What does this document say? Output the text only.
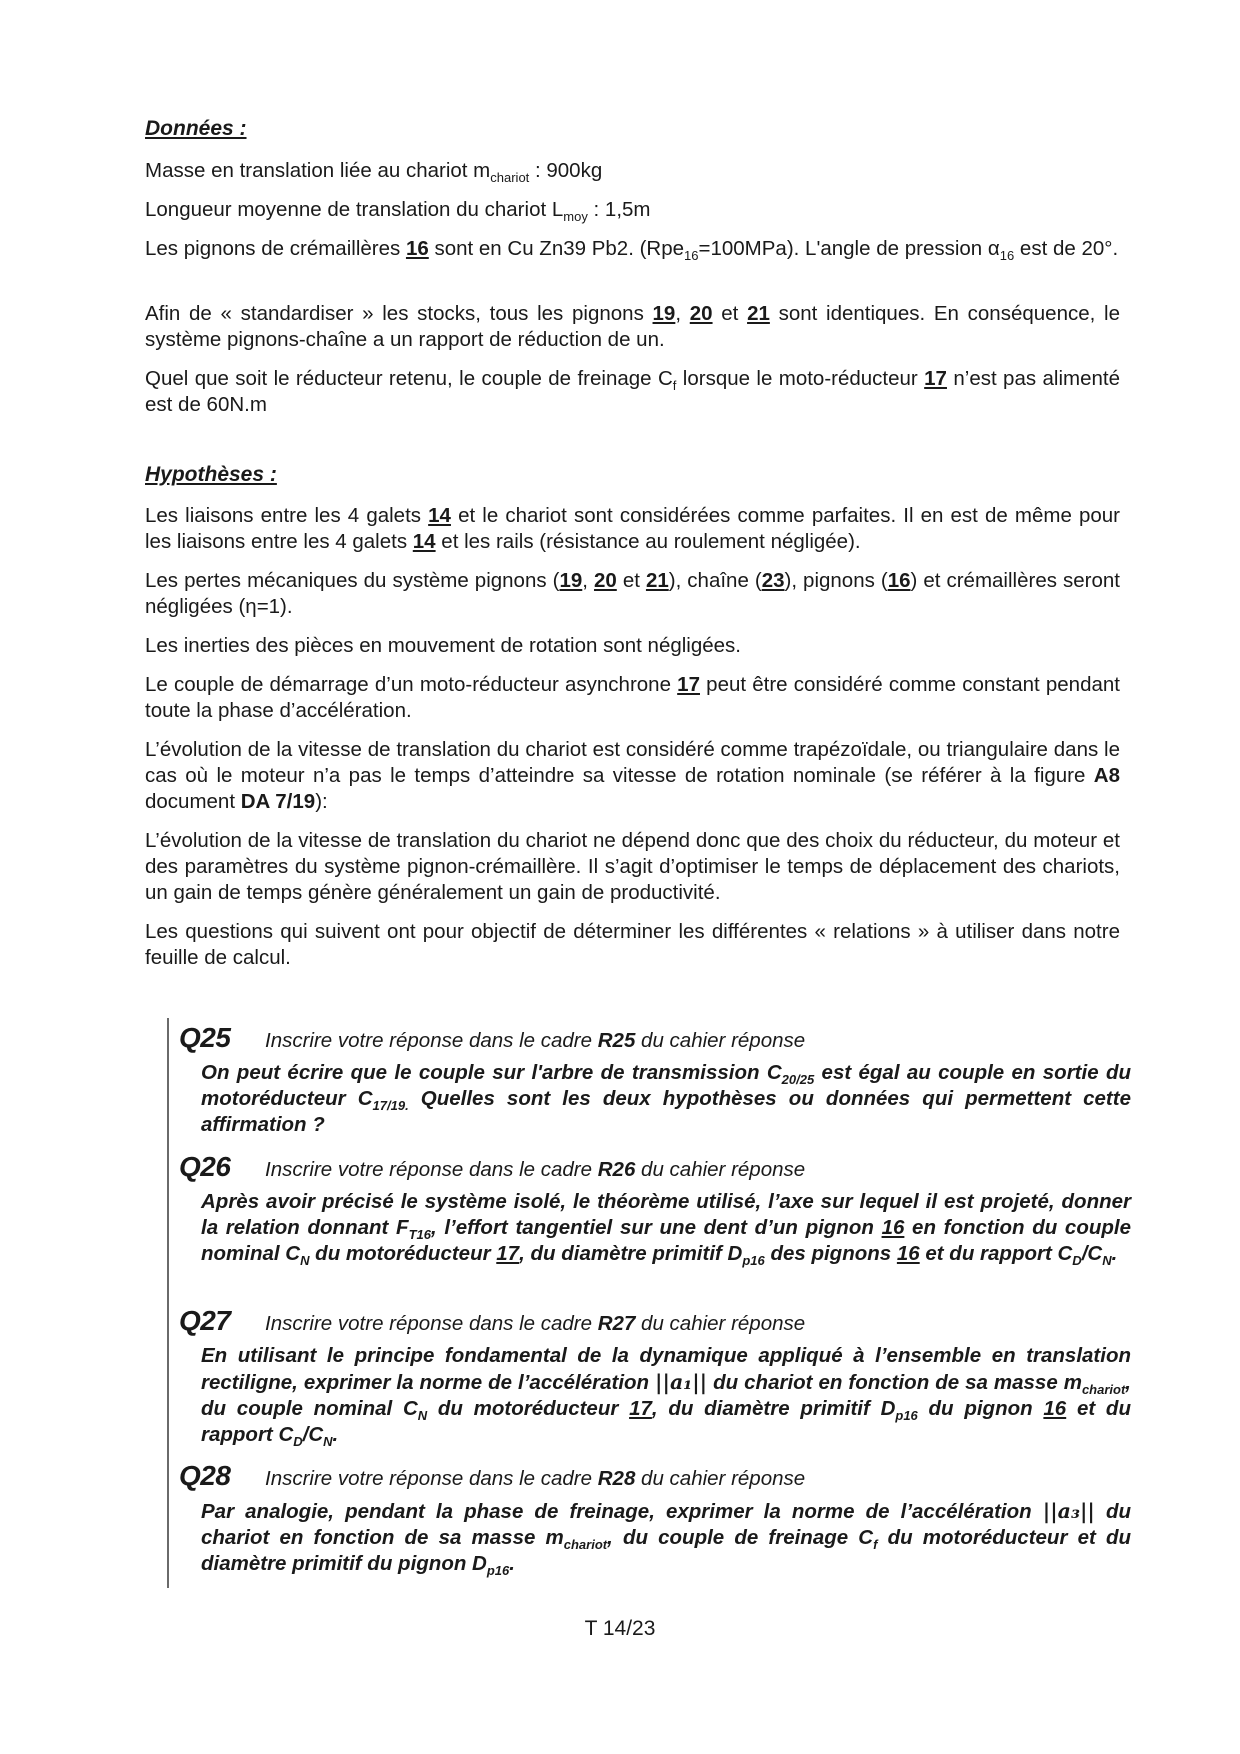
Données :

Masse en translation liée au chariot $m_{chariot}$ : 900kg

Longueur moyenne de translation du chariot $L_{moy}$ : 1,5m

Les pignons de crémaillères 16 sont en Cu Zn39 Pb2. (Rpe$_{16}$=100MPa). L'angle de pression $\alpha_{16}$ est de 20°.

Afin de « standardiser » les stocks, tous les pignons 19, 20 et 21 sont identiques. En conséquence, le système pignons-chaîne a un rapport de réduction de un.

Quel que soit le réducteur retenu, le couple de freinage $C_f$ lorsque le moto-réducteur 17 n’est pas alimenté est de 60N.m

Hypothèses :

Les liaisons entre les 4 galets 14 et le chariot sont considérées comme parfaites. Il en est de même pour les liaisons entre les 4 galets 14 et les rails (résistance au roulement négligée).

Les pertes mécaniques du système pignons (19, 20 et 21), chaîne (23), pignons (16) et crémaillères seront négligées (η=1).

Les inerties des pièces en mouvement de rotation sont négligées.

Le couple de démarrage d’un moto-réducteur asynchrone 17 peut être considéré comme constant pendant toute la phase d’accélération.

L’évolution de la vitesse de translation du chariot est considéré comme trapézoïdale, ou triangulaire dans le cas où le moteur n’a pas le temps d’atteindre sa vitesse de rotation nominale (se référer à la figure A8 document DA 7/19):

L’évolution de la vitesse de translation du chariot ne dépend donc que des choix du réducteur, du moteur et des paramètres du système pignon-crémaillère. Il s’agit d’optimiser le temps de déplacement des chariots, un gain de temps génère généralement un gain de productivité.

Les questions qui suivent ont pour objectif de déterminer les différentes « relations » à utiliser dans notre feuille de calcul.

Q25	Inscrire votre réponse dans le cadre R25 du cahier réponse
On peut écrire que le couple sur l'arbre de transmission $C_{20/25}$ est égal au couple en sortie du motoréducteur $C_{17/19.}$ Quelles sont les deux hypothèses ou données qui permettent cette affirmation ?
Q26	Inscrire votre réponse dans le cadre R26 du cahier réponse
Après avoir précisé le système isolé, le théorème utilisé, l’axe sur lequel il est projeté, donner la relation donnant $F_{T16}$, l’effort tangentiel sur une dent d’un pignon 16 en fonction du couple nominal $C_N$ du motoréducteur 17, du diamètre primitif $D_{p16}$ des pignons 16 et du rapport $C_D/C_N$.
Q27	Inscrire votre réponse dans le cadre R27 du cahier réponse
En utilisant le principe fondamental de la dynamique appliqué à l’ensemble en translation rectiligne, exprimer la norme de l’accélération ||a₁|| du chariot en fonction de sa masse $m_{chariot}$, du couple nominal $C_N$ du motoréducteur 17, du diamètre primitif $D_{p16}$ du pignon 16 et du rapport $C_D/C_N$.
Q28	Inscrire votre réponse dans le cadre R28 du cahier réponse
Par analogie, pendant la phase de freinage, exprimer la norme de l’accélération ||a₃|| du chariot en fonction de sa masse $m_{chariot}$, du couple de freinage $C_f$ du motoréducteur et du diamètre primitif du pignon $D_{p16}$.
T 14/23
